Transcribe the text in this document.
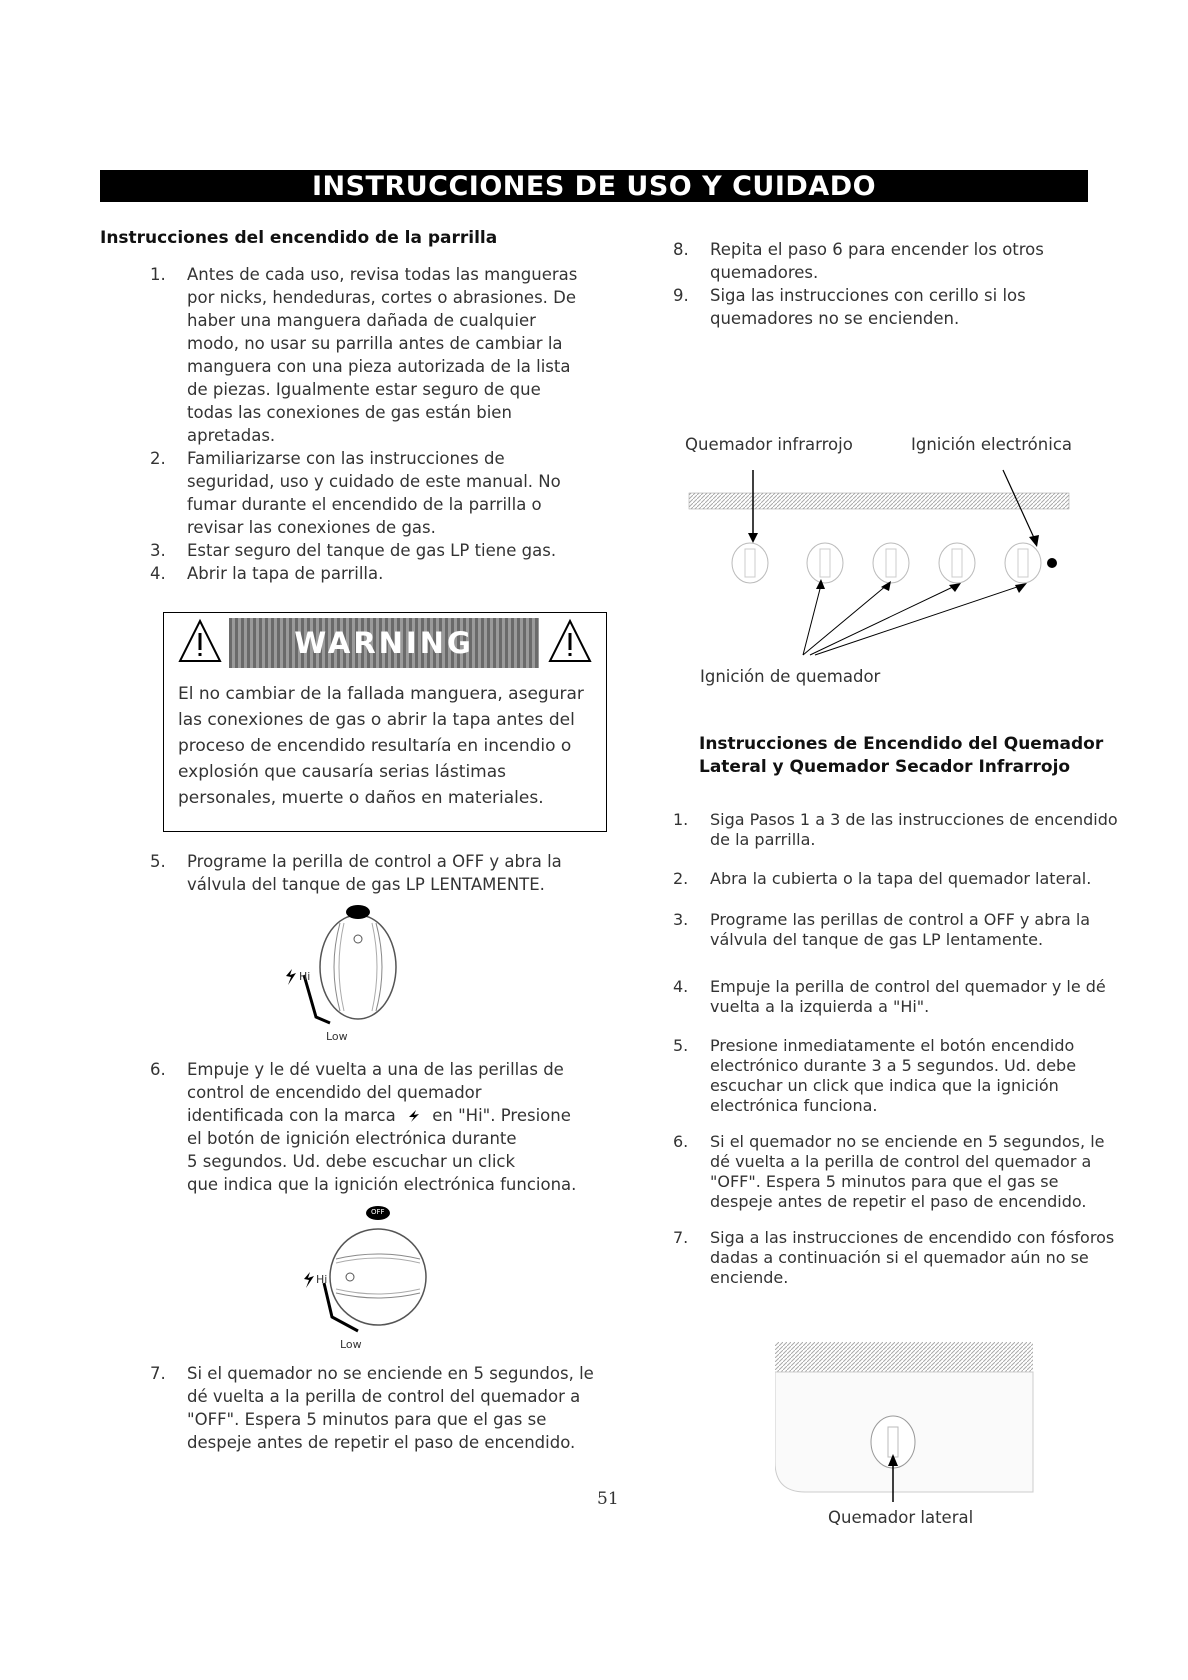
INSTRUCCIONES DE USO Y CUIDADO
Instrucciones del encendido de la parrilla
1. Antes de cada uso, revisa todas las mangueras por nicks, hendeduras, cortes o abrasiones. De haber una manguera dañada de cualquier modo, no usar su parrilla antes de cambiar la manguera con una pieza autorizada de la lista de piezas. Igualmente estar seguro de que todas las conexiones de gas están bien apretadas.
2. Familiarizarse con las instrucciones de seguridad, uso y cuidado de este manual. No fumar durante el encendido de la parrilla o revisar las conexiones de gas.
3. Estar seguro del tanque de gas LP tiene gas.
4. Abrir la tapa de parrilla.
WARNING
El no cambiar de la fallada manguera, asegurar las conexiones de gas o abrir la tapa antes del proceso de encendido resultaría en incendio o explosión que causaría serias lástimas personales, muerte o daños en materiales.
5. Programe la perilla de control a OFF y abra la válvula del tanque de gas LP LENTAMENTE.
OFF
Hi
Low
6. Empuje y le dé vuelta a una de las perillas de
control de encendido del quemador
identificada con la marca en "Hi". Presione
el botón de ignición electrónica durante
5 segundos. Ud. debe escuchar un click
que indica que la ignición electrónica funciona.
OFF
Hi
Low
7. Si el quemador no se enciende en 5 segundos, le dé vuelta a la perilla de control del quemador a "OFF". Espera 5 minutos para que el gas se despeje antes de repetir el paso de encendido.
8. Repita el paso 6 para encender los otros quemadores.
9. Siga las instrucciones con cerillo si los quemadores no se encienden.
Quemador infrarrojo	Ignición electrónica
Ignición de quemador
Instrucciones de Encendido del Quemador Lateral y Quemador Secador Infrarrojo
1. Siga Pasos 1 a 3 de las instrucciones de encendido de la parrilla.
2. Abra la cubierta o la tapa del quemador lateral.
3. Programe las perillas de control a OFF y abra la válvula del tanque de gas LP lentamente.
4. Empuje la perilla de control del quemador y le dé vuelta a la izquierda a "Hi".
5. Presione inmediatamente el botón encendido electrónico durante 3 a 5 segundos. Ud. debe escuchar un click que indica que la ignición electrónica funciona.
6. Si el quemador no se enciende en 5 segundos, le dé vuelta a la perilla de control del quemador a "OFF". Espera 5 minutos para que el gas se despeje antes de repetir el paso de encendido.
7. Siga a las instrucciones de encendido con fósforos dadas a continuación si el quemador aún no se enciende.
Quemador lateral
51
